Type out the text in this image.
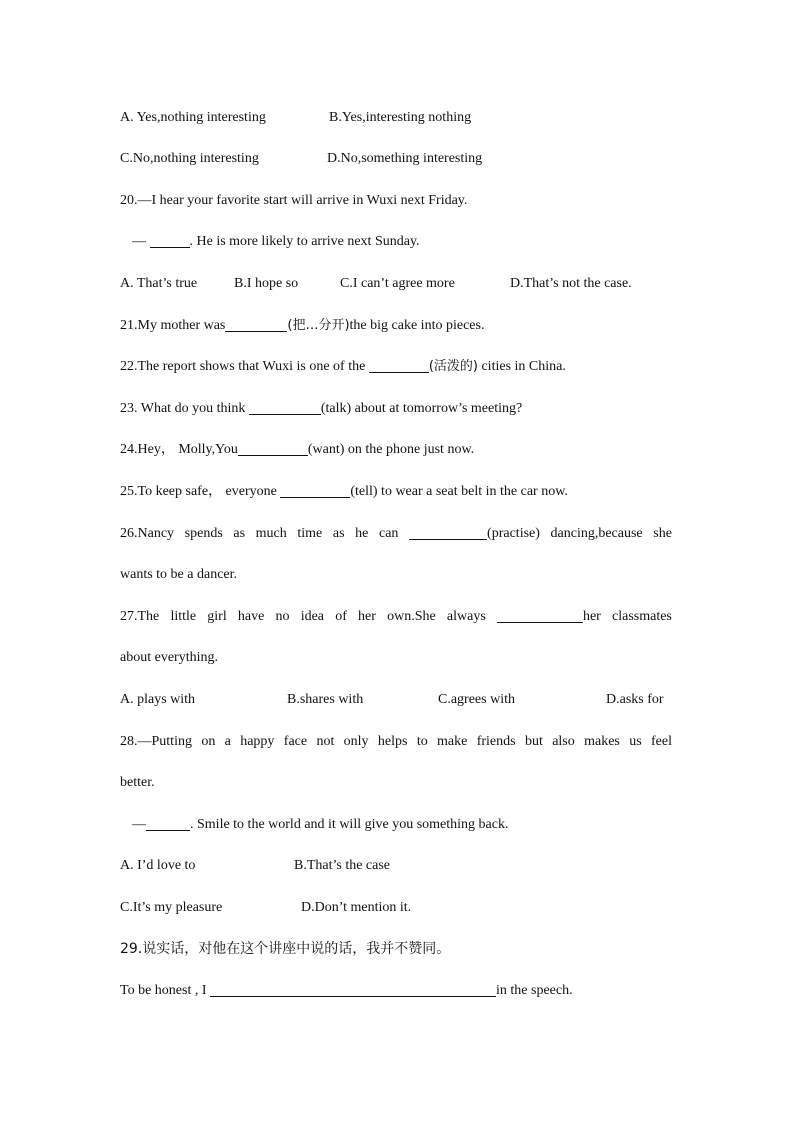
A. Yes,nothing interesting	B.Yes,interesting nothing
C.No,nothing interesting	D.No,something interesting
20.—I hear your favorite start will arrive in Wuxi next Friday.
—	. He is more likely to arrive next Sunday.
A. That’s true	B.I hope so	C.I can’t agree more	D.That’s not the case.
21.My mother was	(把…分开)the big cake into pieces.
22.The report shows that Wuxi is one of the	(活泼的) cities in China.
23. What do you think	(talk) about at tomorrow’s meeting?
24.Hey， Molly,You	(want) on the phone just now.
25.To keep safe， everyone	(tell) to wear a seat belt in the car now.
26.Nancy spends as much time as he can	(practise) dancing,because she
wants to be a dancer.
27.The little girl have no idea of her own.She always	her classmates
about everything.
A. plays with	B.shares with	C.agrees with	D.asks for
28.—Putting on a happy face not only helps to make friends but also makes us feel
better.
—	. Smile to the world and it will give you something back.
A. I’d love to	B.That’s the case
C.It’s my pleasure	D.Don’t mention it.
29.说实话，对他在这个讲座中说的话，我并不赞同。
To be honest , I	in the speech.
